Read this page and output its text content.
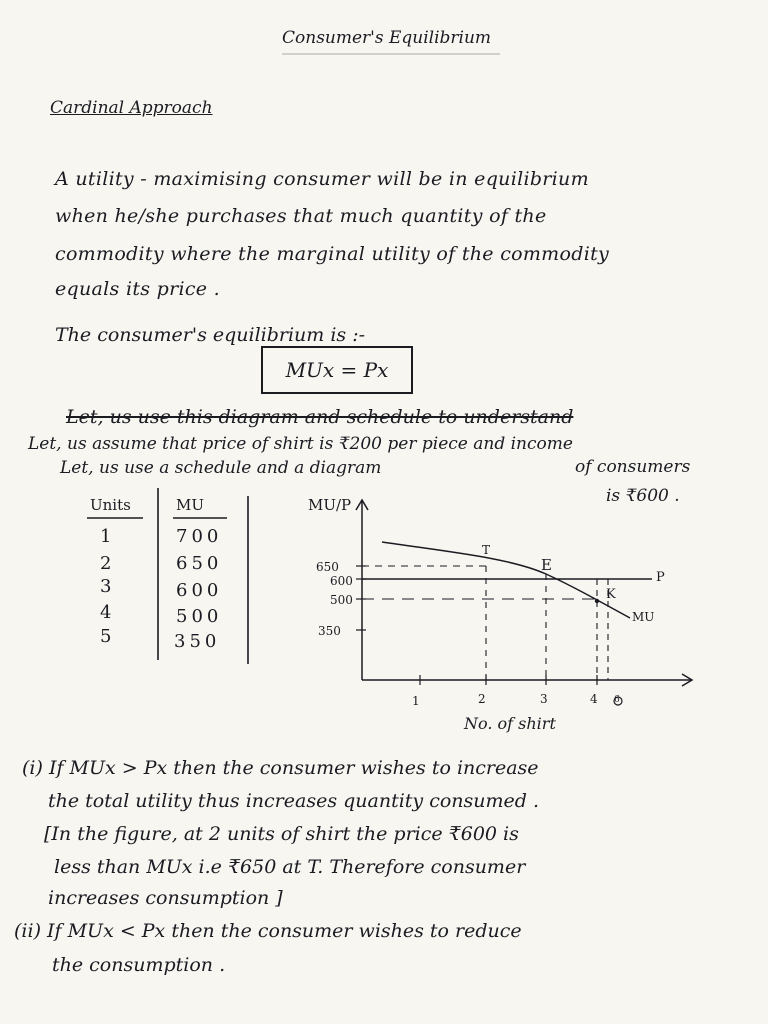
Consumer's Equilibrium
Cardinal Approach
A utility - maximising consumer will be in equilibrium
when he/she purchases that much quantity of the
commodity where the marginal utility of the commodity
equals its price .
The consumer's equilibrium is :-
MUx = Px
Let, us use this diagram and schedule to understand
Let, us assume that price of shirt is ₹200 per piece and income
Let, us use a schedule and a diagram	of consumers
is ₹600 .
Units	MU
1	700
2	650
3	600
4	500
5	350
MU/P
650
600
500
350
1	2	3	4 6
T
E
K
P
MU
No. of shirt
(i) If MUx > Px then the consumer wishes to increase
the total utility thus increases quantity consumed .
[In the figure, at 2 units of shirt the price ₹600 is
less than MUx i.e ₹650 at T. Therefore consumer
increases consumption ]
(ii) If MUx < Px then the consumer wishes to reduce
the consumption .
